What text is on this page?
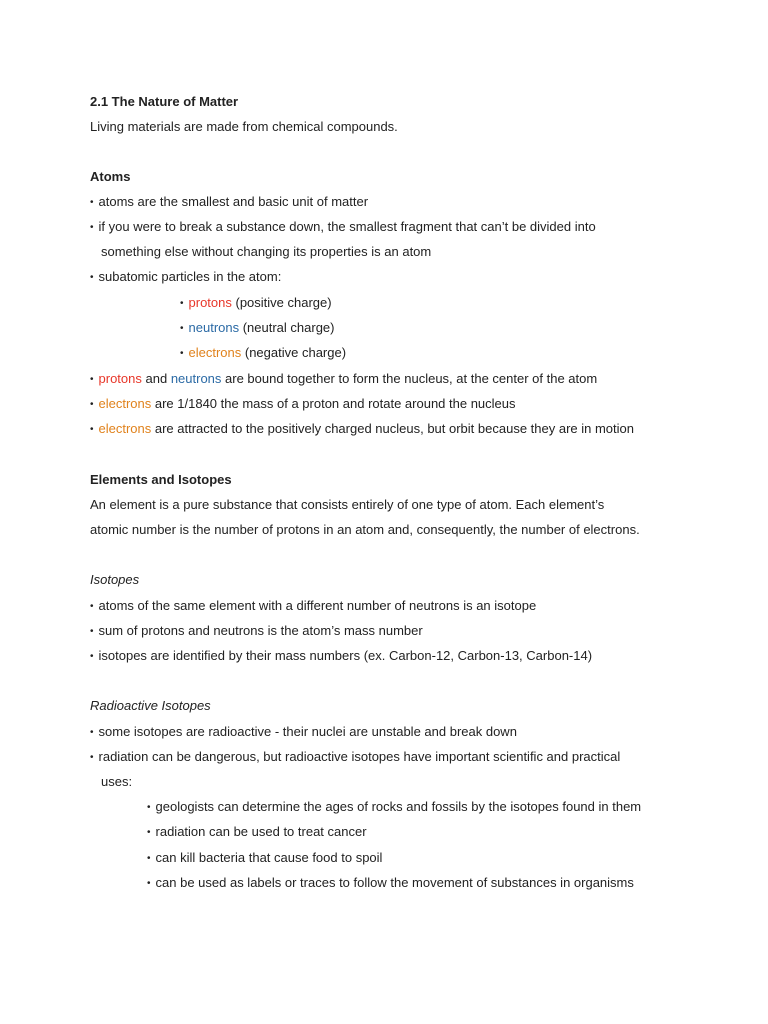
2.1 The Nature of Matter
Living materials are made from chemical compounds.
Atoms
• atoms are the smallest and basic unit of matter
• if you were to break a substance down, the smallest fragment that can’t be divided into
something else without changing its properties is an atom
• subatomic particles in the atom:
• protons (positive charge)
• neutrons (neutral charge)
• electrons (negative charge)
• protons and neutrons are bound together to form the nucleus, at the center of the atom
• electrons are 1/1840 the mass of a proton and rotate around the nucleus
• electrons are attracted to the positively charged nucleus, but orbit because they are in motion
Elements and Isotopes
An element is a pure substance that consists entirely of one type of atom. Each element’s
atomic number is the number of protons in an atom and, consequently, the number of electrons.
Isotopes
• atoms of the same element with a different number of neutrons is an isotope
• sum of protons and neutrons is the atom’s mass number
• isotopes are identified by their mass numbers (ex. Carbon-12, Carbon-13, Carbon-14)
Radioactive Isotopes
• some isotopes are radioactive - their nuclei are unstable and break down
• radiation can be dangerous, but radioactive isotopes have important scientific and practical
uses:
• geologists can determine the ages of rocks and fossils by the isotopes found in them
• radiation can be used to treat cancer
• can kill bacteria that cause food to spoil
• can be used as labels or traces to follow the movement of substances in organisms
